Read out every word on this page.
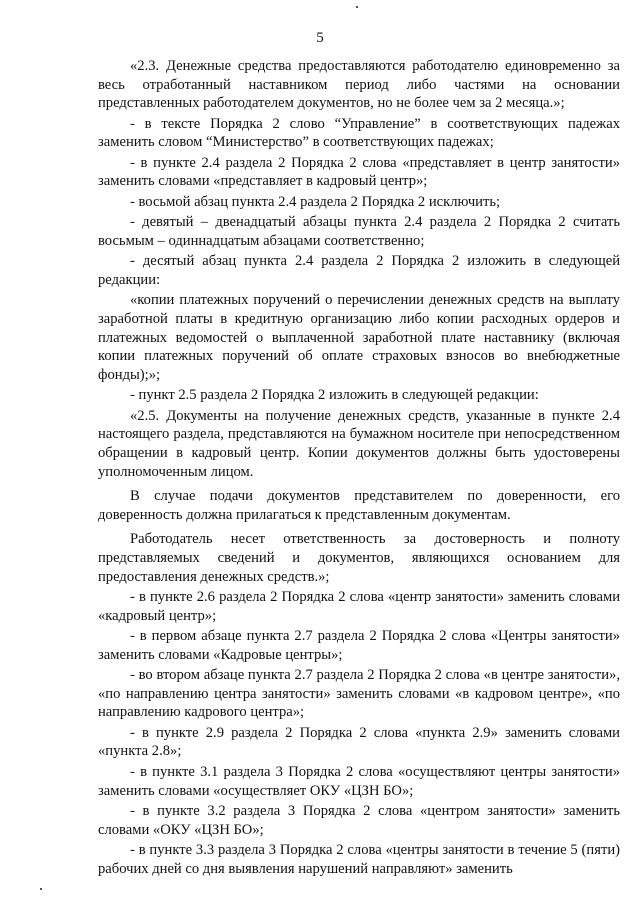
5

«2.3. Денежные средства предоставляются работодателю единовременно за весь отработанный наставником период либо частями на основании представленных работодателем документов, но не более чем за 2 месяца.»;

- в тексте Порядка 2 слово “Управление” в соответствующих падежах заменить словом “Министерство” в соответствующих падежах;

- в пункте 2.4 раздела 2 Порядка 2 слова «представляет в центр занятости» заменить словами «представляет в кадровый центр»;

- восьмой абзац пункта 2.4 раздела 2 Порядка 2 исключить;

- девятый – двенадцатый абзацы пункта 2.4 раздела 2 Порядка 2 считать восьмым – одиннадцатым абзацами соответственно;

- десятый абзац пункта 2.4 раздела 2 Порядка 2 изложить в следующей редакции:

«копии платежных поручений о перечислении денежных средств на выплату заработной платы в кредитную организацию либо копии расходных ордеров и платежных ведомостей о выплаченной заработной плате наставнику (включая копии платежных поручений об оплате страховых взносов во внебюджетные фонды);»;

- пункт 2.5 раздела 2 Порядка 2 изложить в следующей редакции:

«2.5. Документы на получение денежных средств, указанные в пункте 2.4 настоящего раздела, представляются на бумажном носителе при непосредственном обращении в кадровый центр. Копии документов должны быть удостоверены уполномоченным лицом.

В случае подачи документов представителем по доверенности, его доверенность должна прилагаться к представленным документам.

Работодатель несет ответственность за достоверность и полноту представляемых сведений и документов, являющихся основанием для предоставления денежных средств.»;

- в пункте 2.6 раздела 2 Порядка 2 слова «центр занятости» заменить словами «кадровый центр»;

- в первом абзаце пункта 2.7 раздела 2 Порядка 2 слова «Центры занятости» заменить словами «Кадровые центры»;

- во втором абзаце пункта 2.7 раздела 2 Порядка 2 слова «в центре занятости», «по направлению центра занятости» заменить словами «в кадровом центре», «по направлению кадрового центра»;

- в пункте 2.9 раздела 2 Порядка 2 слова «пункта 2.9» заменить словами «пункта 2.8»;

- в пункте 3.1 раздела 3 Порядка 2 слова «осуществляют центры занятости» заменить словами «осуществляет ОКУ «ЦЗН БО»;

- в пункте 3.2 раздела 3 Порядка 2 слова «центром занятости» заменить словами «ОКУ «ЦЗН БО»;

- в пункте 3.3 раздела 3 Порядка 2 слова «центры занятости в течение 5 (пяти) рабочих дней со дня выявления нарушений направляют» заменить
